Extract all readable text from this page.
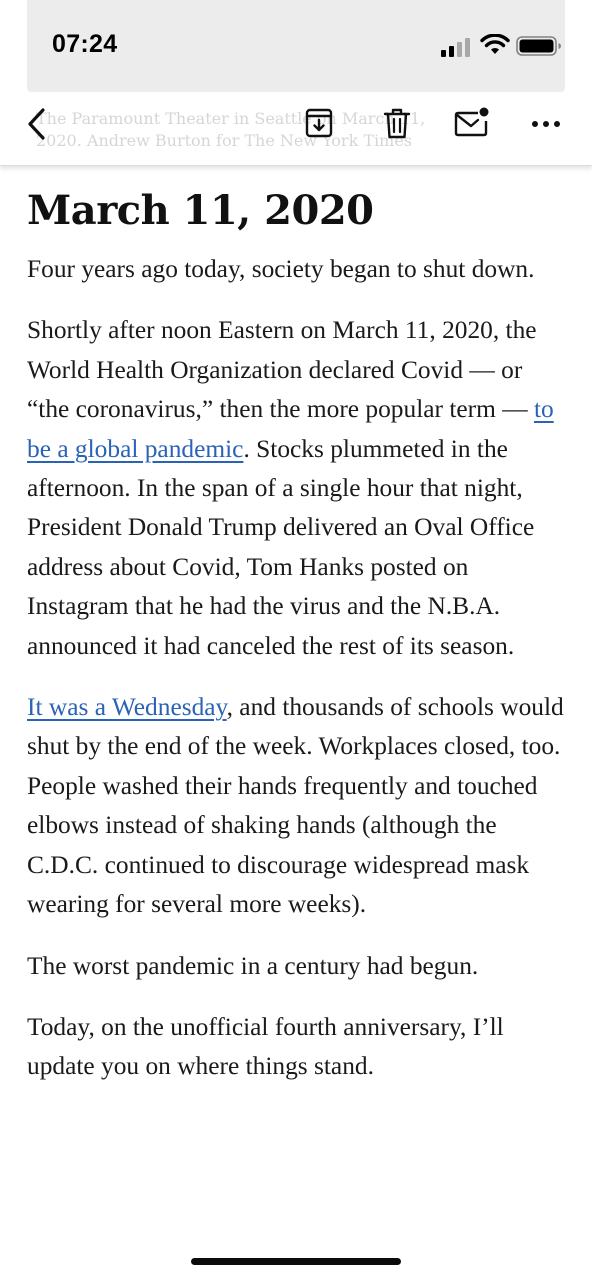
07:24
The Paramount Theater in Seattle on March 11, 2020. Andrew Burton for The New York Times
March 11, 2020

Four years ago today, society began to shut down.

Shortly after noon Eastern on March 11, 2020, the World Health Organization declared Covid — or “the coronavirus,” then the more popular term — to be a global pandemic. Stocks plummeted in the afternoon. In the span of a single hour that night, President Donald Trump delivered an Oval Office address about Covid, Tom Hanks posted on Instagram that he had the virus and the N.B.A. announced it had canceled the rest of its season.

It was a Wednesday, and thousands of schools would shut by the end of the week. Workplaces closed, too. People washed their hands frequently and touched elbows instead of shaking hands (although the C.D.C. continued to discourage widespread mask wearing for several more weeks).

The worst pandemic in a century had begun.

Today, on the unofficial fourth anniversary, I’ll update you on where things stand.
